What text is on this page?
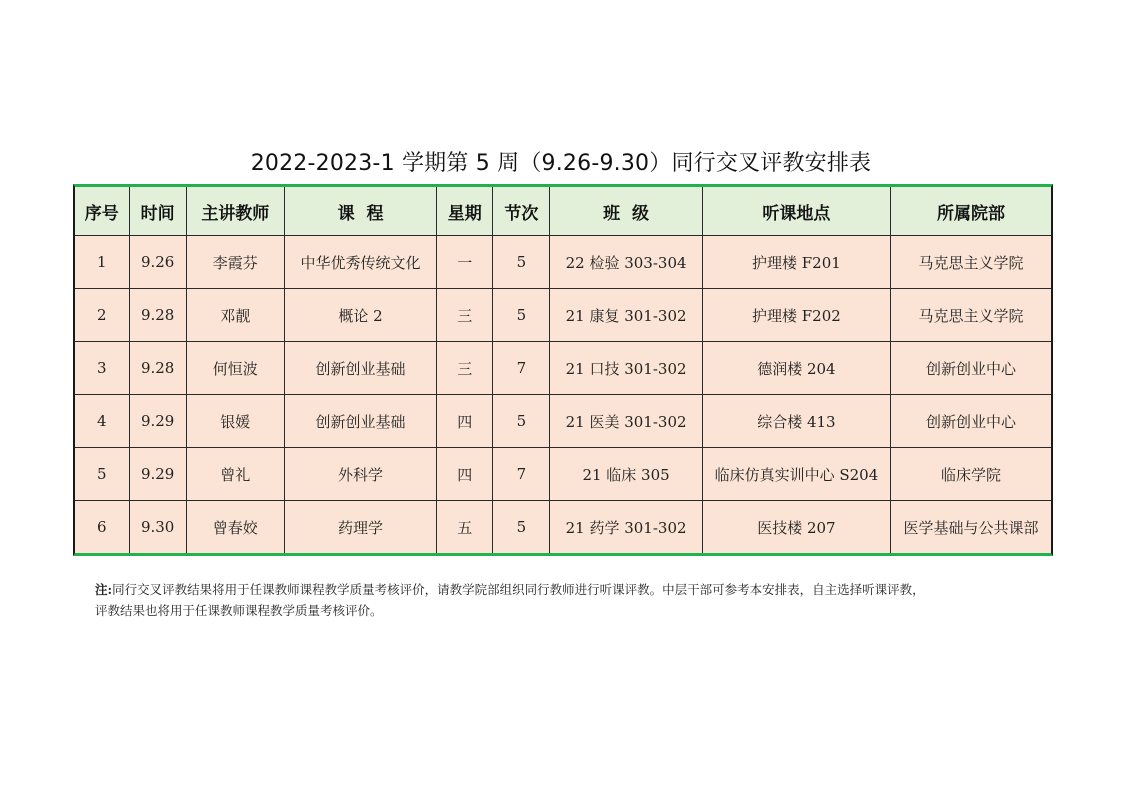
2022-2023-1 学期第 5 周（9.26-9.30）同行交叉评教安排表
序号	时间	主讲教师	课  程	星期	节次	班  级	听课地点	所属院部
1	9.26	李霞芬	中华优秀传统文化	一	5	22 检验 303-304	护理楼 F201	马克思主义学院
2	9.28	邓靓	概论 2	三	5	21 康复 301-302	护理楼 F202	马克思主义学院
3	9.28	何恒波	创新创业基础	三	7	21 口技 301-302	德润楼 204	创新创业中心
4	9.29	银媛	创新创业基础	四	5	21 医美 301-302	综合楼 413	创新创业中心
5	9.29	曾礼	外科学	四	7	21 临床 305	临床仿真实训中心 S204	临床学院
6	9.30	曾春姣	药理学	五	5	21 药学 301-302	医技楼 207	医学基础与公共课部
注:同行交叉评教结果将用于任课教师课程教学质量考核评价，请教学院部组织同行教师进行听课评教。中层干部可参考本安排表，自主选择听课评教，
评教结果也将用于任课教师课程教学质量考核评价。
